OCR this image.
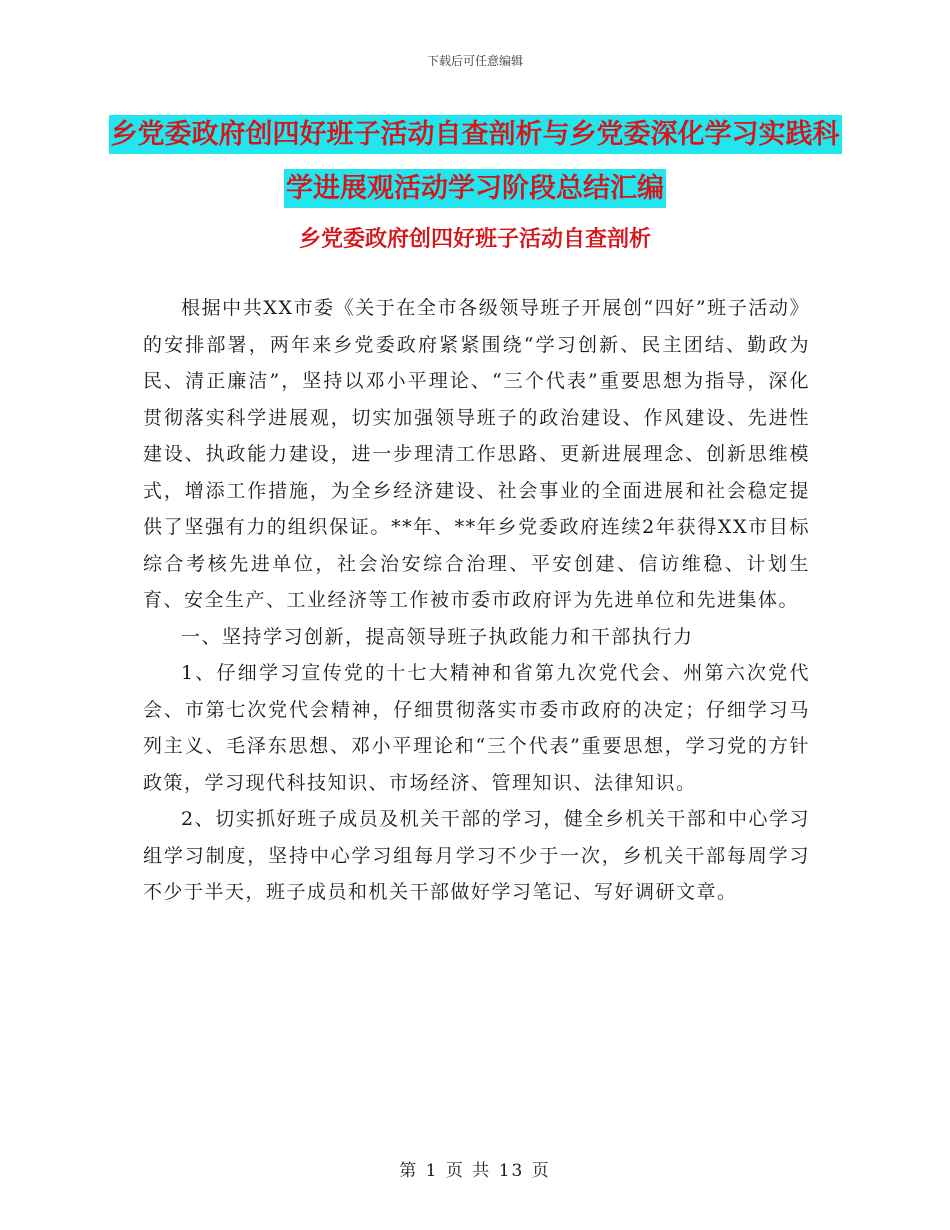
下载后可任意编辑
乡党委政府创四好班子活动自查剖析与乡党委深化学习实践科学进展观活动学习阶段总结汇编
乡党委政府创四好班子活动自查剖析

根据中共XX市委《关于在全市各级领导班子开展创“四好”班子活动》的安排部署，两年来乡党委政府紧紧围绕“学习创新、民主团结、勤政为民、清正廉洁”，坚持以邓小平理论、“三个代表”重要思想为指导，深化贯彻落实科学进展观，切实加强领导班子的政治建设、作风建设、先进性建设、执政能力建设，进一步理清工作思路、更新进展理念、创新思维模式，增添工作措施，为全乡经济建设、社会事业的全面进展和社会稳定提供了坚强有力的组织保证。**年、**年乡党委政府连续2年获得XX市目标综合考核先进单位，社会治安综合治理、平安创建、信访维稳、计划生育、安全生产、工业经济等工作被市委市政府评为先进单位和先进集体。

一、坚持学习创新，提高领导班子执政能力和干部执行力

1、仔细学习宣传党的十七大精神和省第九次党代会、州第六次党代会、市第七次党代会精神，仔细贯彻落实市委市政府的决定；仔细学习马列主义、毛泽东思想、邓小平理论和“三个代表”重要思想，学习党的方针政策，学习现代科技知识、市场经济、管理知识、法律知识。

2、切实抓好班子成员及机关干部的学习，健全乡机关干部和中心学习组学习制度，坚持中心学习组每月学习不少于一次，乡机关干部每周学习不少于半天，班子成员和机关干部做好学习笔记、写好调研文章。

第 1 页 共 13 页
